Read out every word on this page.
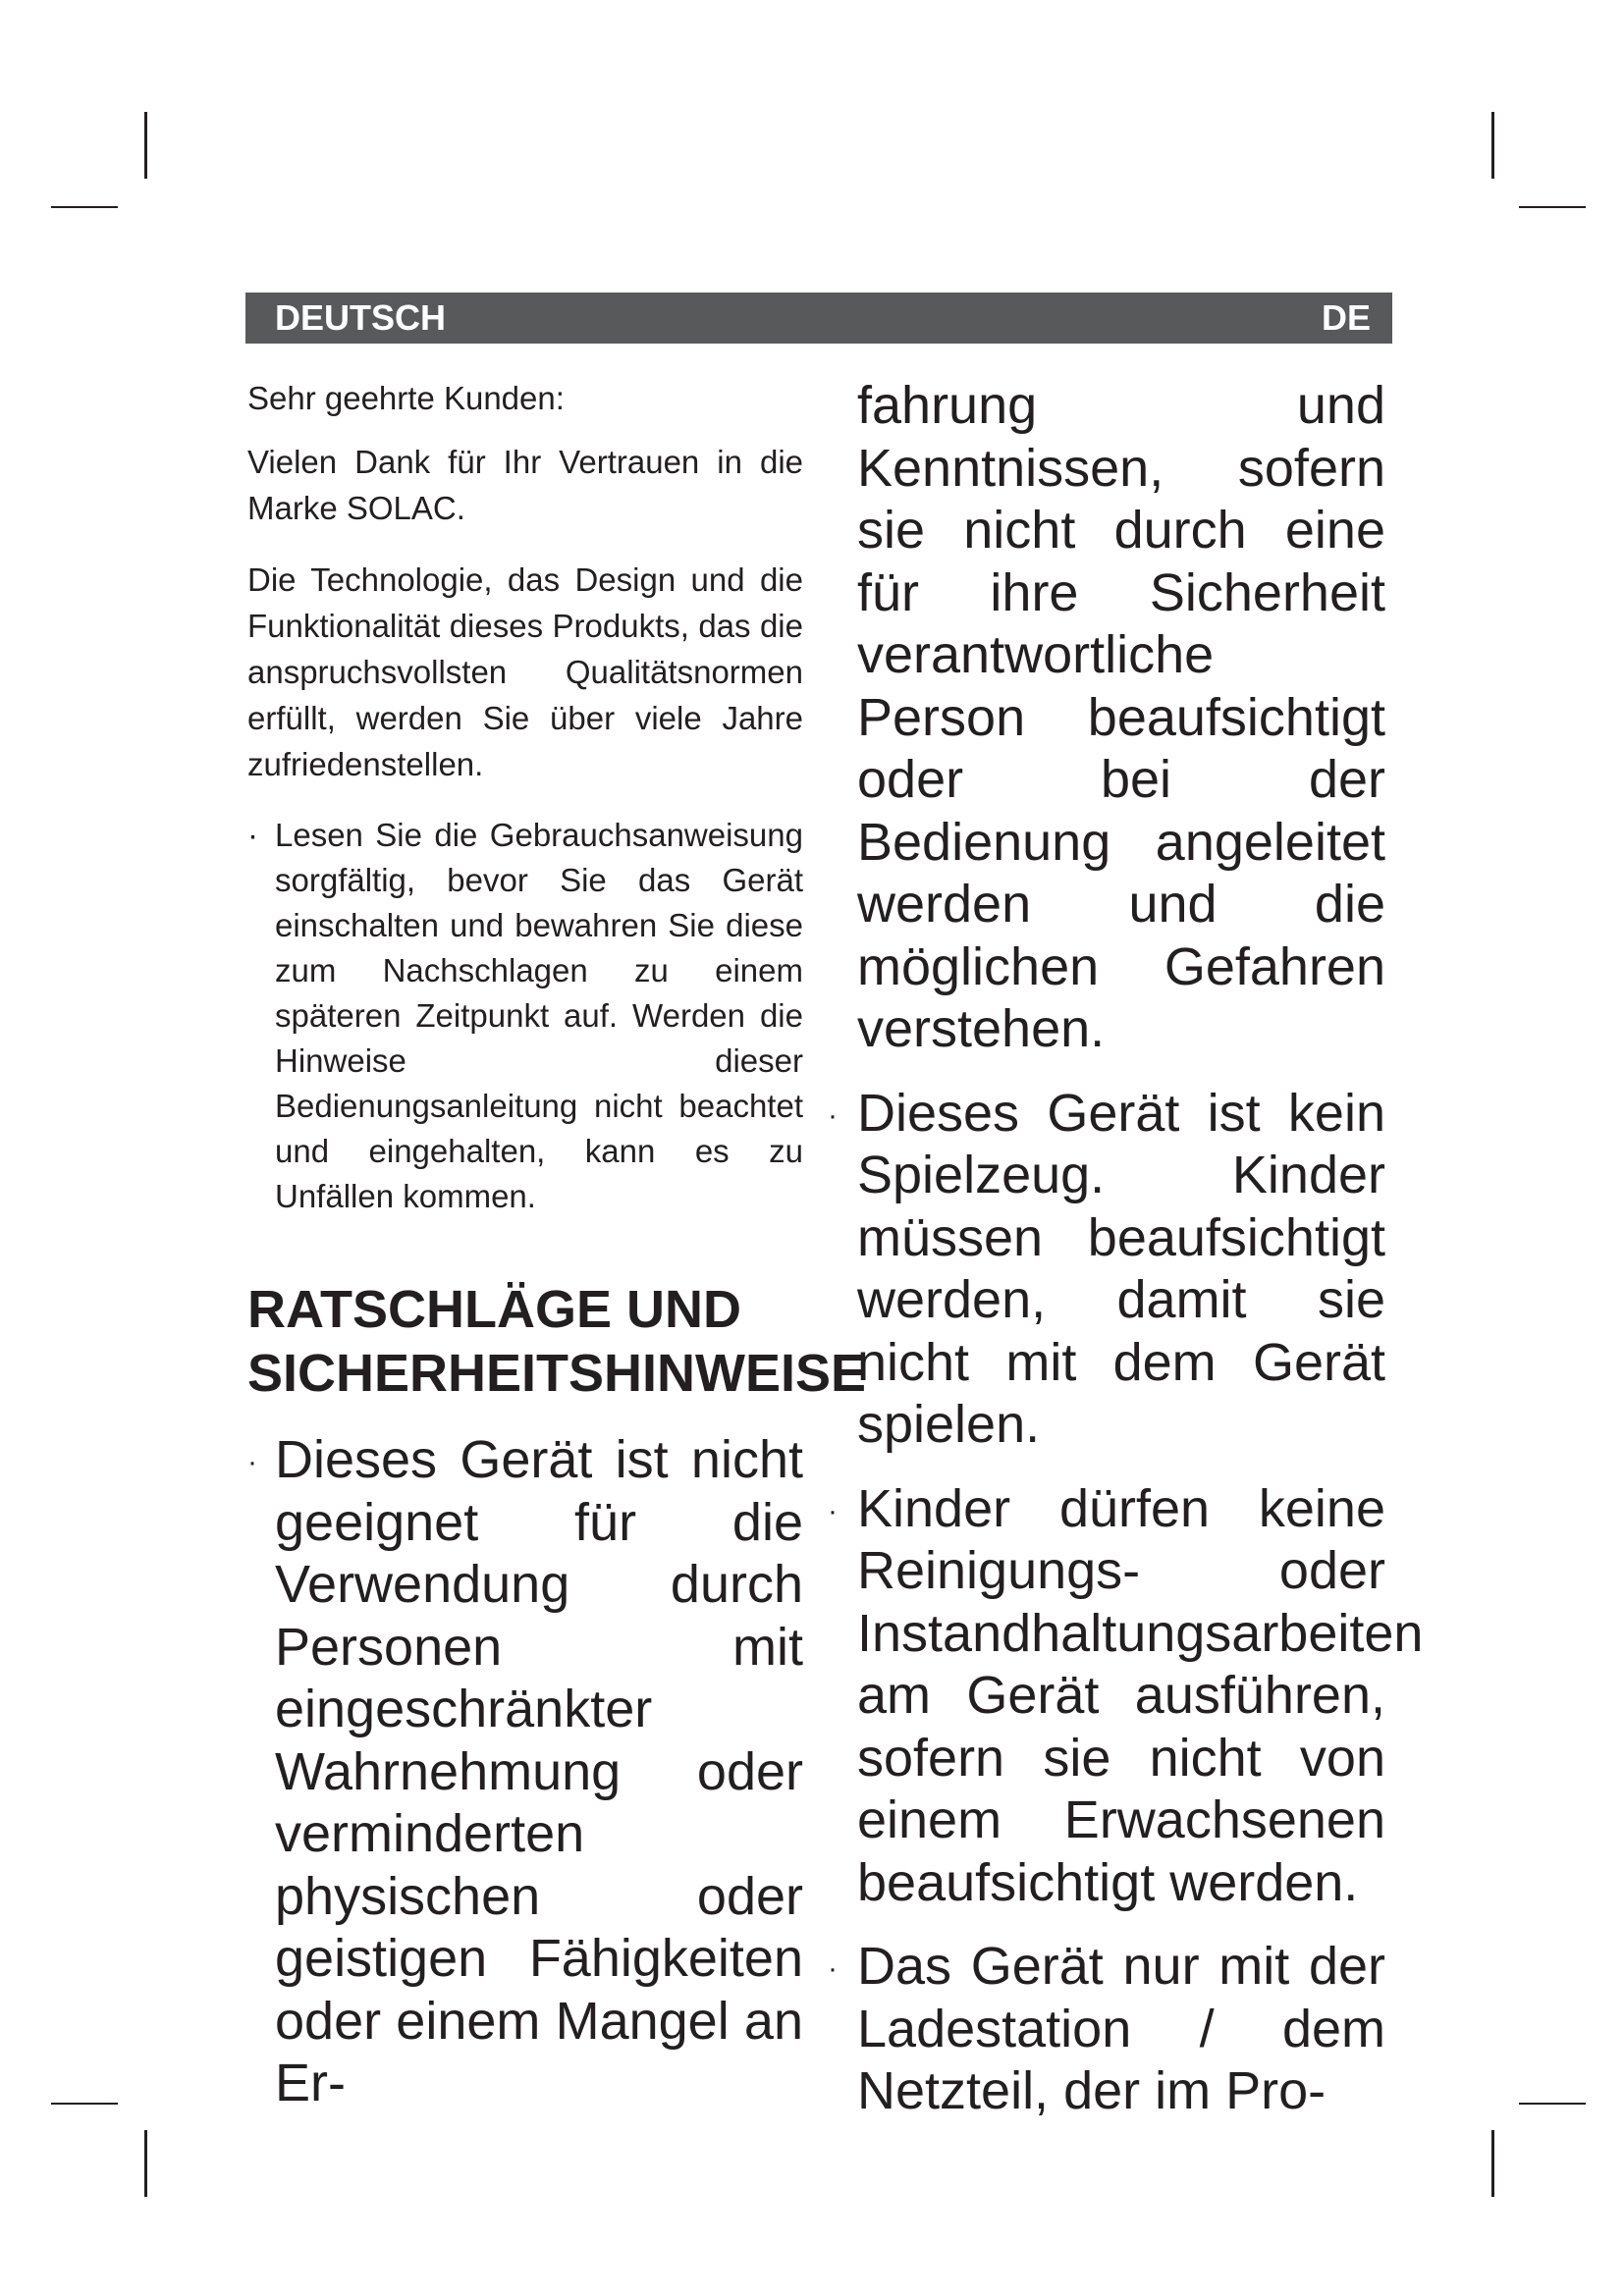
DEUTSCH	DE

Sehr geehrte Kunden:

Vielen Dank für Ihr Vertrauen in die Marke SOLAC.

Die Technologie, das Design und die Funktionalität dieses Produkts, das die anspruchsvollsten Qualitätsnormen erfüllt, werden Sie über viele Jahre zufriedenstellen.

· Lesen Sie die Gebrauchsanweisung sorgfältig, bevor Sie das Gerät einschalten und bewahren Sie diese zum Nachschlagen zu einem späteren Zeitpunkt auf. Werden die Hinweise dieser Bedienungsanleitung nicht beachtet und eingehalten, kann es zu Unfällen kommen.
RATSCHLÄGE UND SICHERHEITSHINWEISE
· Dieses Gerät ist nicht geeignet für die Verwendung durch Personen mit eingeschränkter Wahrnehmung oder verminderten physischen oder geistigen Fähigkeiten oder einem Mangel an Er-

fahrung und Kenntnissen, sofern sie nicht durch eine für ihre Sicherheit verantwortliche Person beaufsichtigt oder bei der Bedienung angeleitet werden und die möglichen Gefahren verstehen.

· Dieses Gerät ist kein Spielzeug. Kinder müssen beaufsichtigt werden, damit sie nicht mit dem Gerät spielen.
· Kinder dürfen keine Reinigungs- oder Instandhaltungsarbeiten am Gerät ausführen, sofern sie nicht von einem Erwachsenen beaufsichtigt werden.
· Das Gerät nur mit der Ladestation / dem Netzteil, der im Pro-
